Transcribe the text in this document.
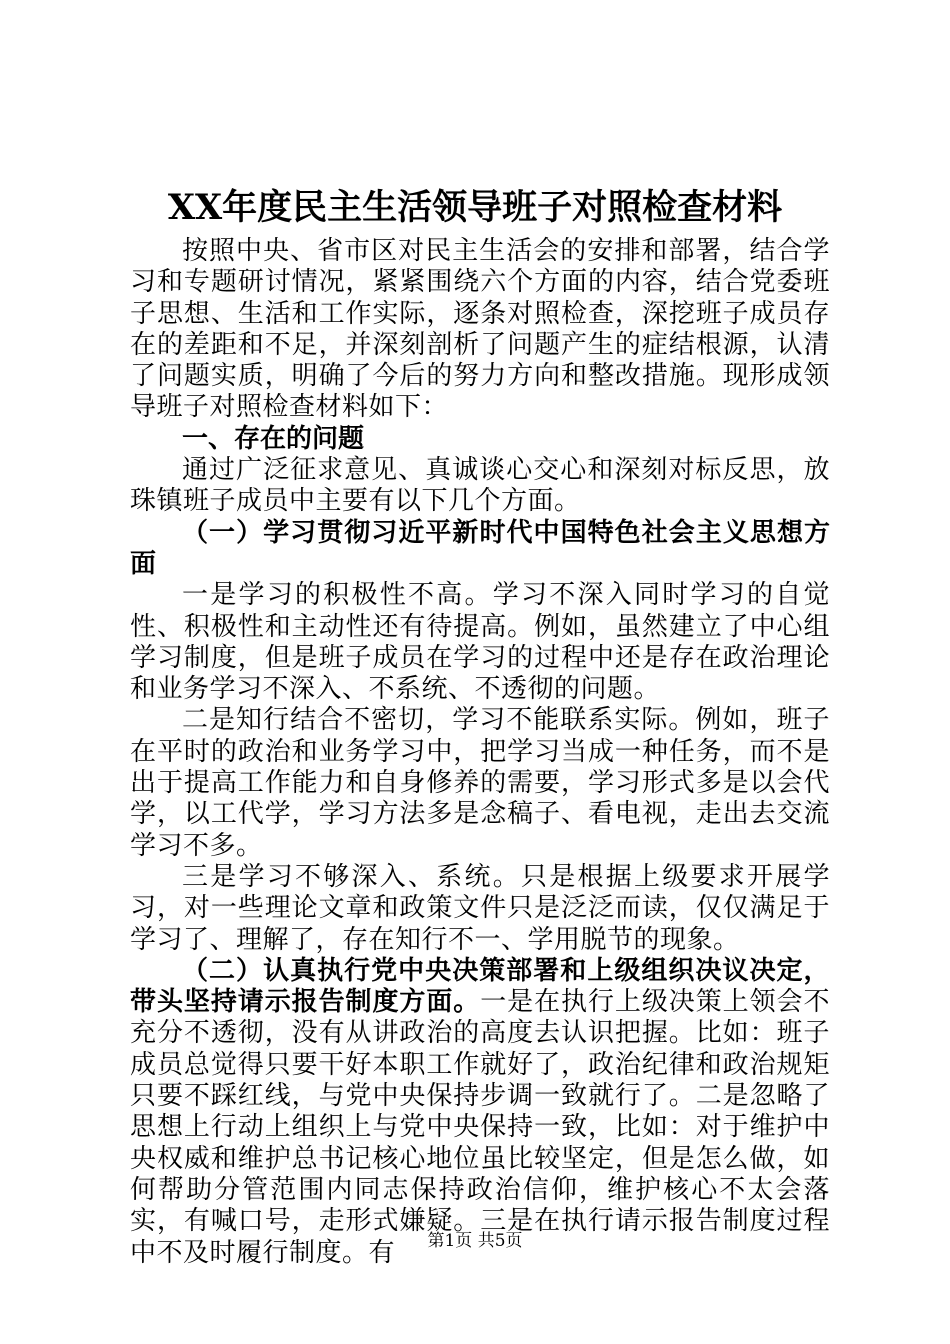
XX年度民主生活领导班子对照检查材料

按照中央、省市区对民主生活会的安排和部署，结合学习和专题研讨情况，紧紧围绕六个方面的内容，结合党委班子思想、生活和工作实际，逐条对照检查，深挖班子成员存在的差距和不足，并深刻剖析了问题产生的症结根源，认清了问题实质，明确了今后的努力方向和整改措施。现形成领导班子对照检查材料如下：

一、存在的问题

通过广泛征求意见、真诚谈心交心和深刻对标反思，放珠镇班子成员中主要有以下几个方面。

（一）学习贯彻习近平新时代中国特色社会主义思想方面

一是学习的积极性不高。学习不深入同时学习的自觉性、积极性和主动性还有待提高。例如，虽然建立了中心组学习制度，但是班子成员在学习的过程中还是存在政治理论和业务学习不深入、不系统、不透彻的问题。

二是知行结合不密切，学习不能联系实际。例如，班子在平时的政治和业务学习中，把学习当成一种任务，而不是出于提高工作能力和自身修养的需要，学习形式多是以会代学，以工代学，学习方法多是念稿子、看电视，走出去交流学习不多。

三是学习不够深入、系统。只是根据上级要求开展学习，对一些理论文章和政策文件只是泛泛而读，仅仅满足于学习了、理解了，存在知行不一、学用脱节的现象。

（二）认真执行党中央决策部署和上级组织决议决定，带头坚持请示报告制度方面。一是在执行上级决策上领会不充分不透彻，没有从讲政治的高度去认识把握。比如：班子成员总觉得只要干好本职工作就好了，政治纪律和政治规矩只要不踩红线，与党中央保持步调一致就行了。二是忽略了思想上行动上组织上与党中央保持一致，比如：对于维护中央权威和维护总书记核心地位虽比较坚定，但是怎么做，如何帮助分管范围内同志保持政治信仰，维护核心不太会落实，有喊口号，走形式嫌疑。三是在执行请示报告制度过程中不及时履行制度。有	第1页 共5页
